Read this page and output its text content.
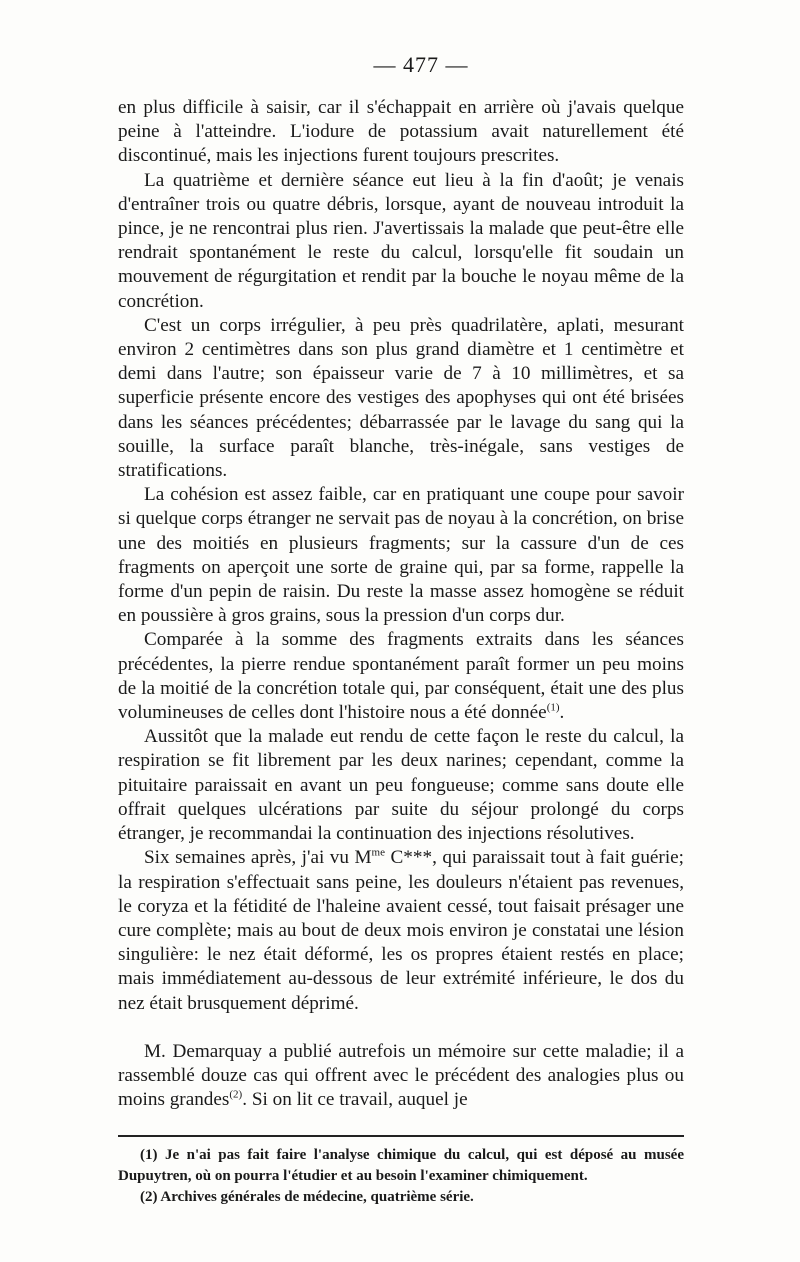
— 477 —

en plus difficile à saisir, car il s'échappait en arrière où j'avais quelque peine à l'atteindre. L'iodure de potassium avait naturellement été discontinué, mais les injections furent toujours prescrites.

La quatrième et dernière séance eut lieu à la fin d'août; je venais d'entraîner trois ou quatre débris, lorsque, ayant de nouveau introduit la pince, je ne rencontrai plus rien. J'avertissais la malade que peut-être elle rendrait spontanément le reste du calcul, lorsqu'elle fit soudain un mouvement de régurgitation et rendit par la bouche le noyau même de la concrétion.

C'est un corps irrégulier, à peu près quadrilatère, aplati, mesurant environ 2 centimètres dans son plus grand diamètre et 1 centimètre et demi dans l'autre; son épaisseur varie de 7 à 10 millimètres, et sa superficie présente encore des vestiges des apophyses qui ont été brisées dans les séances précédentes; débarrassée par le lavage du sang qui la souille, la surface paraît blanche, très-inégale, sans vestiges de stratifications.

La cohésion est assez faible, car en pratiquant une coupe pour savoir si quelque corps étranger ne servait pas de noyau à la concrétion, on brise une des moitiés en plusieurs fragments; sur la cassure d'un de ces fragments on aperçoit une sorte de graine qui, par sa forme, rappelle la forme d'un pepin de raisin. Du reste la masse assez homogène se réduit en poussière à gros grains, sous la pression d'un corps dur.

Comparée à la somme des fragments extraits dans les séances précédentes, la pierre rendue spontanément paraît former un peu moins de la moitié de la concrétion totale qui, par conséquent, était une des plus volumineuses de celles dont l'histoire nous a été donnée$^{(1)}$.

Aussitôt que la malade eut rendu de cette façon le reste du calcul, la respiration se fit librement par les deux narines; cependant, comme la pituitaire paraissait en avant un peu fongueuse; comme sans doute elle offrait quelques ulcérations par suite du séjour prolongé du corps étranger, je recommandai la continuation des injections résolutives.

Six semaines après, j'ai vu $M^{me}$ C***, qui paraissait tout à fait guérie; la respiration s'effectuait sans peine, les douleurs n'étaient pas revenues, le coryza et la fétidité de l'haleine avaient cessé, tout faisait présager une cure complète; mais au bout de deux mois environ je constatai une lésion singulière: le nez était déformé, les os propres étaient restés en place; mais immédiatement au-dessous de leur extrémité inférieure, le dos du nez était brusquement déprimé.

M. Demarquay a publié autrefois un mémoire sur cette maladie; il a rassemblé douze cas qui offrent avec le précédent des analogies plus ou moins grandes$^{(2)}$. Si on lit ce travail, auquel je

(1) Je n'ai pas fait faire l'analyse chimique du calcul, qui est déposé au musée Dupuytren, où on pourra l'étudier et au besoin l'examiner chimiquement.

(2) Archives générales de médecine, quatrième série.
